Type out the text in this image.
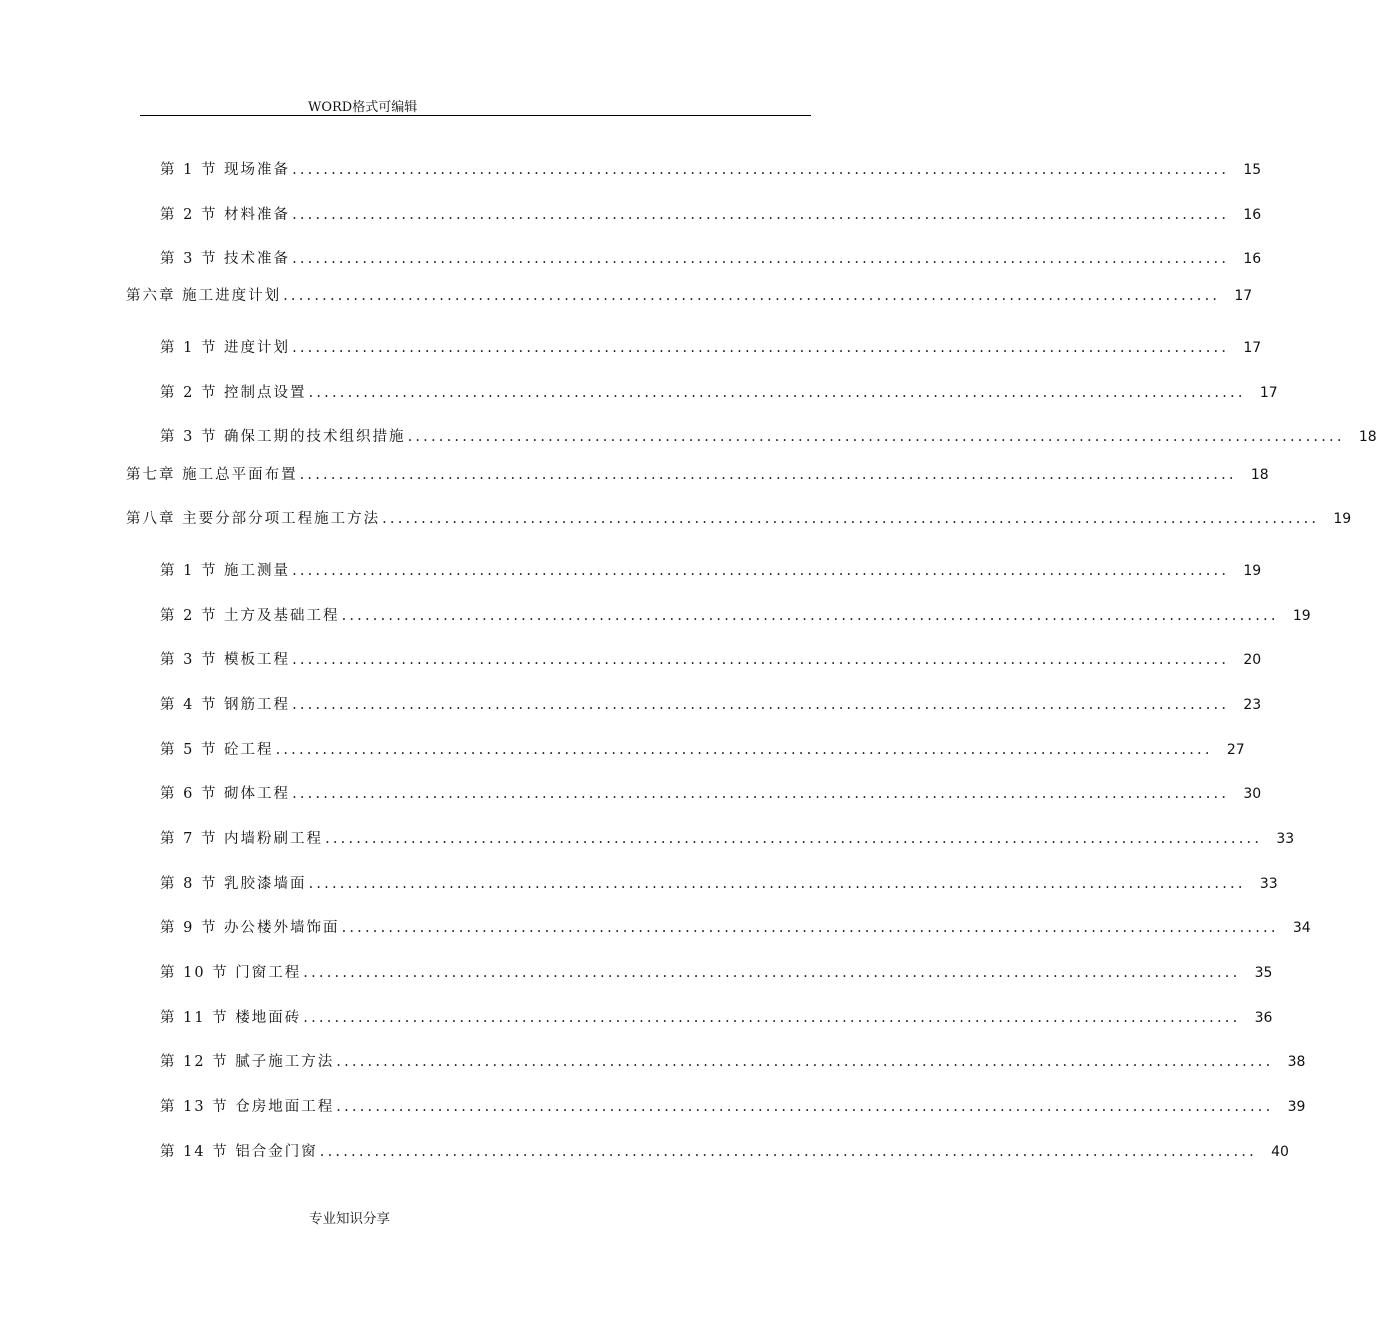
WORD格式可编辑
第 1 节 现场准备 ........................................................................................................................ 15
第 2 节 材料准备 ........................................................................................................................ 16
第 3 节 技术准备 ........................................................................................................................ 16
第六章 施工进度计划 ........................................................................................................................ 17
第 1 节 进度计划 ........................................................................................................................ 17
第 2 节 控制点设置 ........................................................................................................................ 17
第 3 节 确保工期的技术组织措施 ........................................................................................................................ 18
第七章 施工总平面布置 ........................................................................................................................ 18
第八章 主要分部分项工程施工方法 ........................................................................................................................ 19
第 1 节 施工测量 ........................................................................................................................ 19
第 2 节 土方及基础工程 ........................................................................................................................ 19
第 3 节 模板工程 ........................................................................................................................ 20
第 4 节 钢筋工程 ........................................................................................................................ 23
第 5 节 砼工程 ........................................................................................................................ 27
第 6 节 砌体工程 ........................................................................................................................ 30
第 7 节 内墙粉刷工程 ........................................................................................................................ 33
第 8 节 乳胶漆墙面 ........................................................................................................................ 33
第 9 节 办公楼外墙饰面 ........................................................................................................................ 34
第 10 节 门窗工程 ........................................................................................................................ 35
第 11 节 楼地面砖 ........................................................................................................................ 36
第 12 节 腻子施工方法 ........................................................................................................................ 38
第 13 节 仓房地面工程 ........................................................................................................................ 39
第 14 节 铝合金门窗 ........................................................................................................................ 40
专业知识分享
